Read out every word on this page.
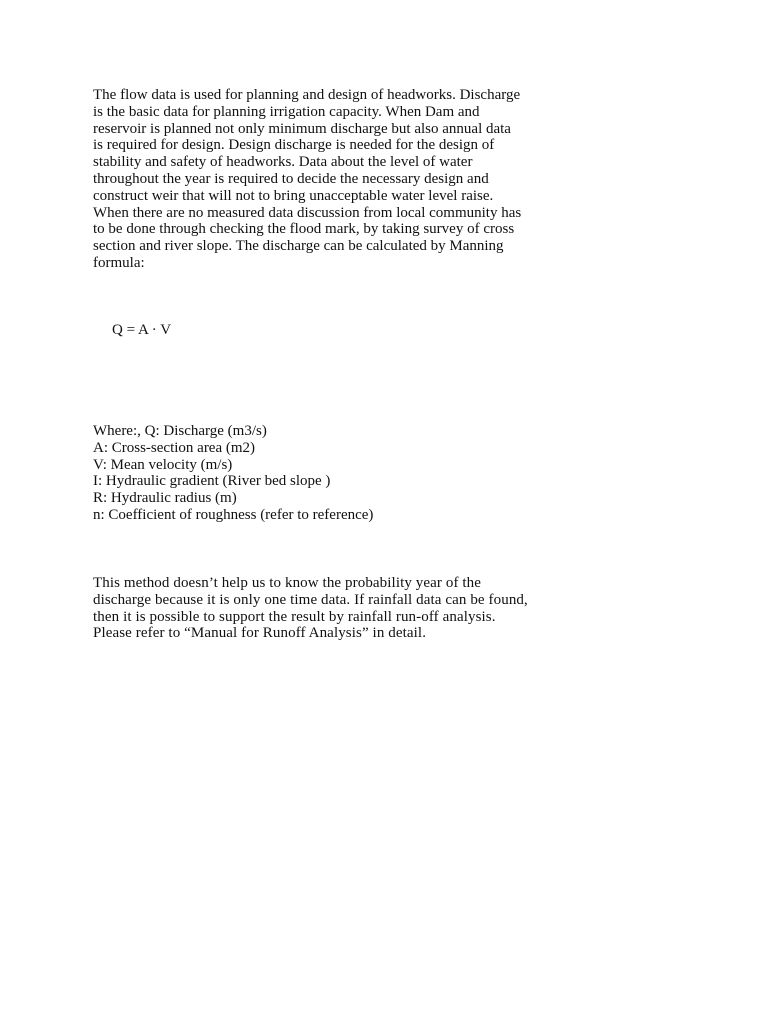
The flow data is used for planning and design of headworks. Discharge
is the basic data for planning irrigation capacity. When Dam and
reservoir is planned not only minimum discharge but also annual data
is required for design. Design discharge is needed for the design of
stability and safety of headworks. Data about the level of water
throughout the year is required to decide the necessary design and
construct weir that will not to bring unacceptable water level raise.
When there are no measured data discussion from local community has
to be done through checking the flood mark, by taking survey of cross
section and river slope. The discharge can be calculated by Manning
formula:
Q = A · V
Where:, Q: Discharge (m3/s)
A: Cross-section area (m2)
V: Mean velocity (m/s)
I: Hydraulic gradient (River bed slope )
R: Hydraulic radius (m)
n: Coefficient of roughness (refer to reference)
This method doesn’t help us to know the probability year of the
discharge because it is only one time data. If rainfall data can be found,
then it is possible to support the result by rainfall run-off analysis.
Please refer to “Manual for Runoff Analysis” in detail.
